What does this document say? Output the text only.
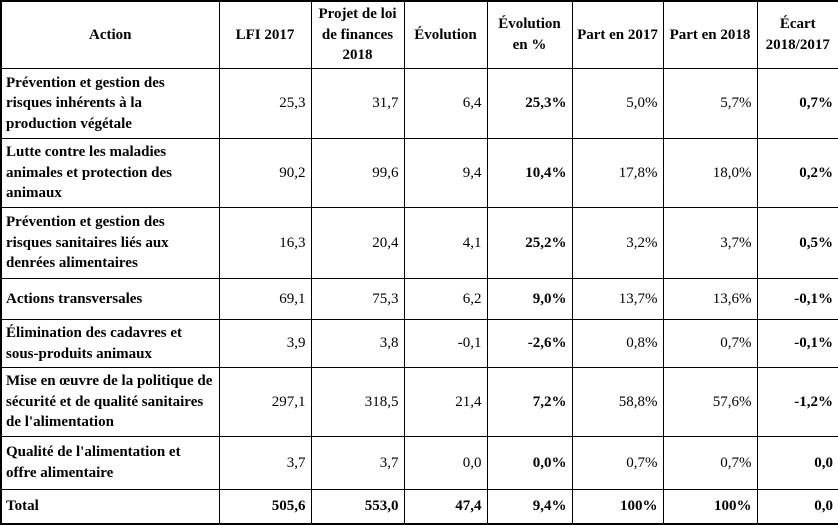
Action	LFI 2017	Projet de loi de finances 2018	Évolution	Évolution en %	Part en 2017	Part en 2018	Écart 2018/2017
Prévention et gestion des risques inhérents à la production végétale	25,3	31,7	6,4	25,3%	5,0%	5,7%	0,7%
Lutte contre les maladies animales et protection des animaux	90,2	99,6	9,4	10,4%	17,8%	18,0%	0,2%
Prévention et gestion des risques sanitaires liés aux denrées alimentaires	16,3	20,4	4,1	25,2%	3,2%	3,7%	0,5%
Actions transversales	69,1	75,3	6,2	9,0%	13,7%	13,6%	-0,1%
Élimination des cadavres et sous-produits animaux	3,9	3,8	-0,1	-2,6%	0,8%	0,7%	-0,1%
Mise en œuvre de la politique de sécurité et de qualité sanitaires de l'alimentation	297,1	318,5	21,4	7,2%	58,8%	57,6%	-1,2%
Qualité de l'alimentation et offre alimentaire	3,7	3,7	0,0	0,0%	0,7%	0,7%	0,0
Total	505,6	553,0	47,4	9,4%	100%	100%	0,0
